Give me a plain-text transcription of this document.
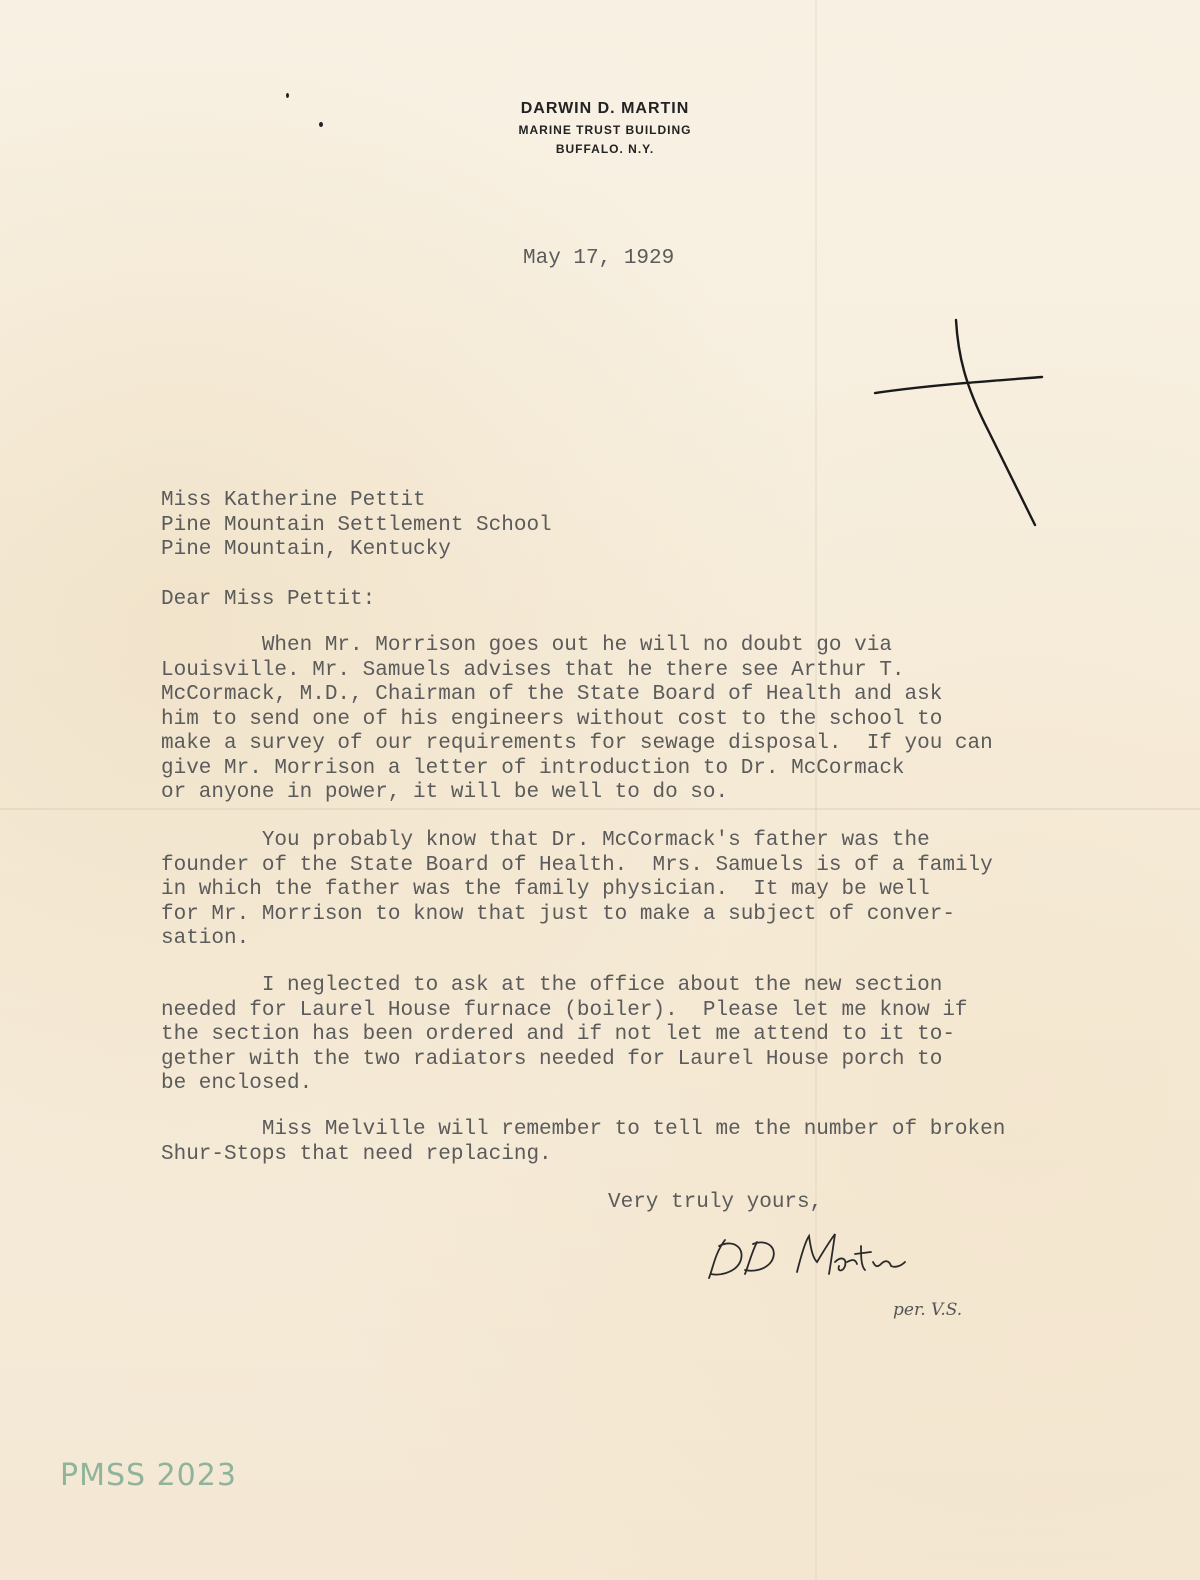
DARWIN D. MARTIN
MARINE TRUST BUILDING
BUFFALO. N.Y.
May 17, 1929
Miss Katherine Pettit
Pine Mountain Settlement School
Pine Mountain, Kentucky
Dear Miss Pettit:
When Mr. Morrison goes out he will no doubt go via
Louisville. Mr. Samuels advises that he there see Arthur T.
McCormack, M.D., Chairman of the State Board of Health and ask
him to send one of his engineers without cost to the school to
make a survey of our requirements for sewage disposal.  If you can
give Mr. Morrison a letter of introduction to Dr. McCormack
or anyone in power, it will be well to do so.
You probably know that Dr. McCormack's father was the
founder of the State Board of Health.  Mrs. Samuels is of a family
in which the father was the family physician.  It may be well
for Mr. Morrison to know that just to make a subject of conver-
sation.
I neglected to ask at the office about the new section
needed for Laurel House furnace (boiler).  Please let me know if
the section has been ordered and if not let me attend to it to-
gether with the two radiators needed for Laurel House porch to
be enclosed.
Miss Melville will remember to tell me the number of broken
Shur-Stops that need replacing.
Very truly yours,
per. V.S.
PMSS 2023
